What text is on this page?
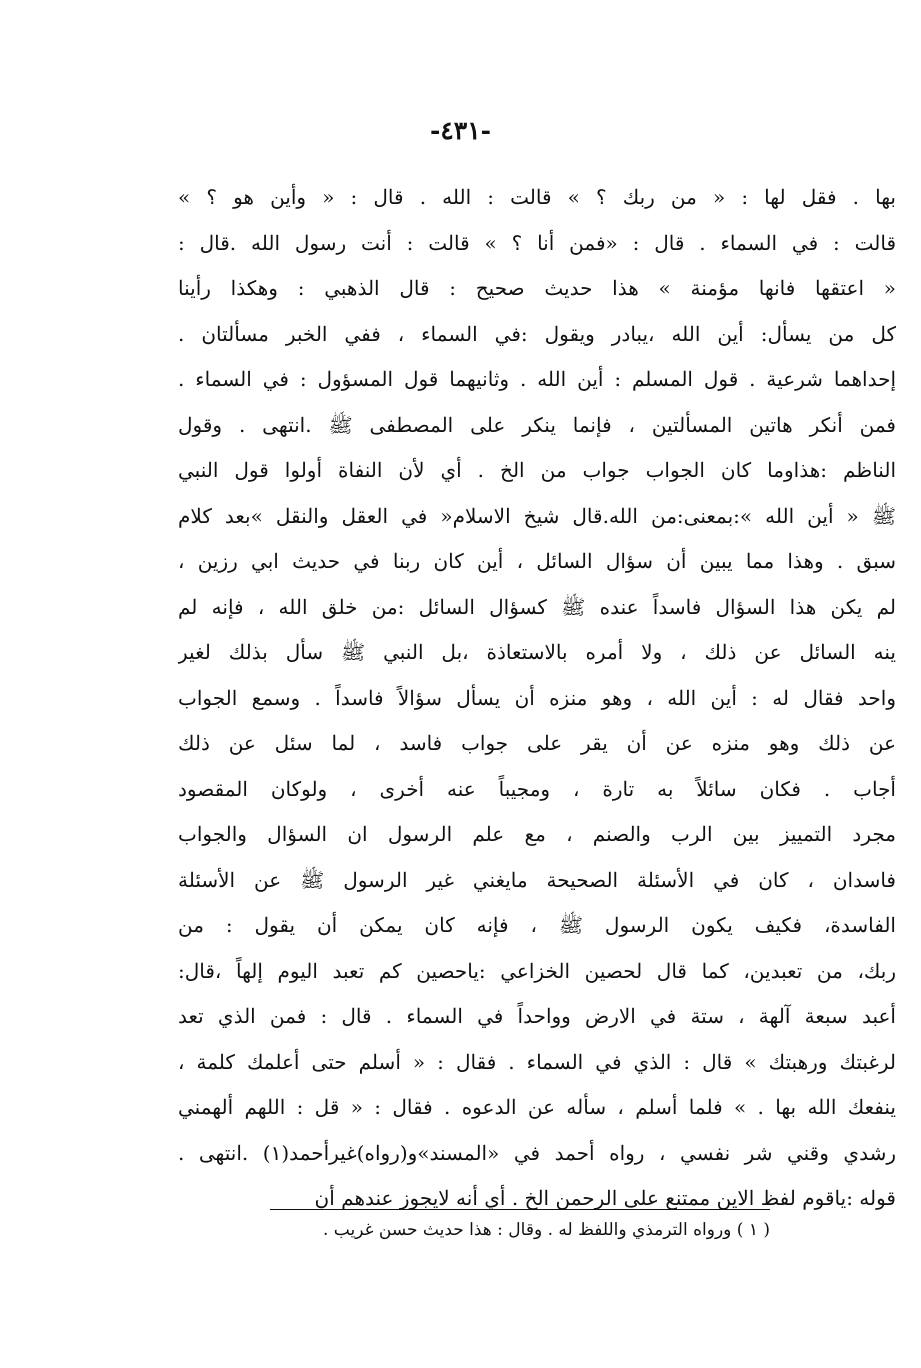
-٤٣١-
بها . فقل لها : « من ربك ؟ » قالت : الله . قال : « وأين هو ؟ »
قالت : في السماء . قال : «فمن أنا ؟ » قالت : أنت رسول الله .قال :
« اعتقها فانها مؤمنة » هذا حديث صحيح : قال الذهبي : وهكذا رأينا
كل من يسأل: أين الله ،يبادر ويقول :في السماء ، ففي الخبر مسألتان .
إحداهما شرعية . قول المسلم : أين الله . وثانيهما قول المسؤول : في السماء .
فمن أنكر هاتين المسألتين ، فإنما ينكر على المصطفى ﷺ .انتهى . وقول
الناظم :هذاوما كان الجواب جواب من الخ . أي لأن النفاة أولوا قول النبي
ﷺ « أين الله »:بمعنى:من الله.قال شيخ الاسلام« في العقل والنقل »بعد كلام
سبق . وهذا مما يبين أن سؤال السائل ، أين كان ربنا في حديث ابي رزين ،
لم يكن هذا السؤال فاسداً عنده ﷺ كسؤال السائل :من خلق الله ، فإنه لم
ينه السائل عن ذلك ، ولا أمره بالاستعاذة ،بل النبي ﷺ سأل بذلك لغير
واحد فقال له : أين الله ، وهو منزه أن يسأل سؤالاً فاسداً . وسمع الجواب
عن ذلك وهو منزه عن أن يقر على جواب فاسد ، لما سئل عن ذلك
أجاب . فكان سائلاً به تارة ، ومجيباً عنه أخرى ، ولوكان المقصود
مجرد التمييز بين الرب والصنم ، مع علم الرسول ان السؤال والجواب
فاسدان ، كان في الأسئلة الصحيحة مايغني غير الرسول ﷺ عن الأسئلة
الفاسدة، فكيف يكون الرسول ﷺ ، فإنه كان يمكن أن يقول : من
ربك، من تعبدين، كما قال لحصين الخزاعي :ياحصين كم تعبد اليوم إلهاً ،قال:
أعبد سبعة آلهة ، ستة في الارض وواحداً في السماء . قال : فمن الذي تعد
لرغبتك ورهبتك » قال : الذي في السماء . فقال : « أسلم حتى أعلمك كلمة ،
ينفعك الله بها . » فلما أسلم ، سأله عن الدعوه . فقال : « قل : اللهم ألهمني
رشدي وقني شر نفسي ، رواه أحمد في «المسند»و(رواه)غيرأحمد(١) .انتهى .
قوله :ياقوم لفظ الاين ممتنع على الرحمن الخ . أي أنه لايجوز عندهم أن
( ١ ) ورواه الترمذي واللفظ له . وقال : هذا حديث حسن غريب .
